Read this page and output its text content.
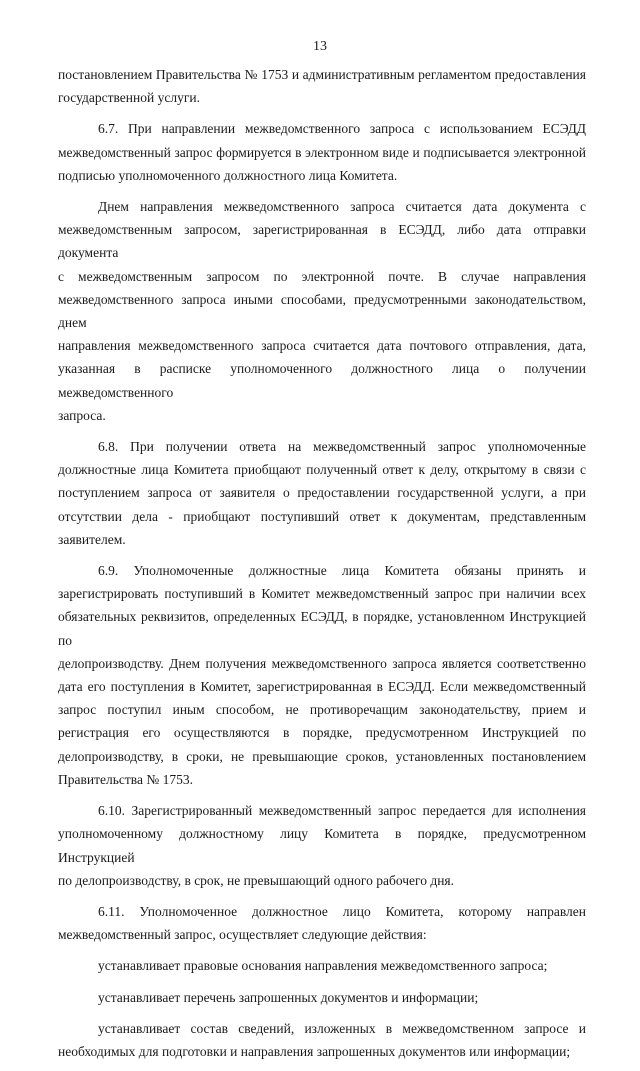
13

постановлением Правительства № 1753 и административным регламентом предоставления
государственной услуги.

6.7. При направлении межведомственного запроса с использованием ЕСЭДД
межведомственный запрос формируется в электронном виде и подписывается электронной
подписью уполномоченного должностного лица Комитета.

Днем направления межведомственного запроса считается дата документа с
межведомственным запросом, зарегистрированная в ЕСЭДД, либо дата отправки документа
с межведомственным запросом по электронной почте. В случае направления
межведомственного запроса иными способами, предусмотренными законодательством, днем
направления межведомственного запроса считается дата почтового отправления, дата,
указанная в расписке уполномоченного должностного лица о получении межведомственного
запроса.

6.8. При получении ответа на межведомственный запрос уполномоченные
должностные лица Комитета приобщают полученный ответ к делу, открытому в связи с
поступлением запроса от заявителя о предоставлении государственной услуги, а при
отсутствии дела - приобщают поступивший ответ к документам, представленным
заявителем.

6.9. Уполномоченные должностные лица Комитета обязаны принять и
зарегистрировать поступивший в Комитет межведомственный запрос при наличии всех
обязательных реквизитов, определенных ЕСЭДД, в порядке, установленном Инструкцией по
делопроизводству. Днем получения межведомственного запроса является соответственно
дата его поступления в Комитет, зарегистрированная в ЕСЭДД. Если межведомственный
запрос поступил иным способом, не противоречащим законодательству, прием и
регистрация его осуществляются в порядке, предусмотренном Инструкцией по
делопроизводству, в сроки, не превышающие сроков, установленных постановлением
Правительства № 1753.

6.10. Зарегистрированный межведомственный запрос передается для исполнения
уполномоченному должностному лицу Комитета в порядке, предусмотренном Инструкцией
по делопроизводству, в срок, не превышающий одного рабочего дня.

6.11. Уполномоченное должностное лицо Комитета, которому направлен
межведомственный запрос, осуществляет следующие действия:

устанавливает правовые основания направления межведомственного запроса;

устанавливает перечень запрошенных документов и информации;

устанавливает состав сведений, изложенных в межведомственном запросе и
необходимых для подготовки и направления запрошенных документов или информации;
